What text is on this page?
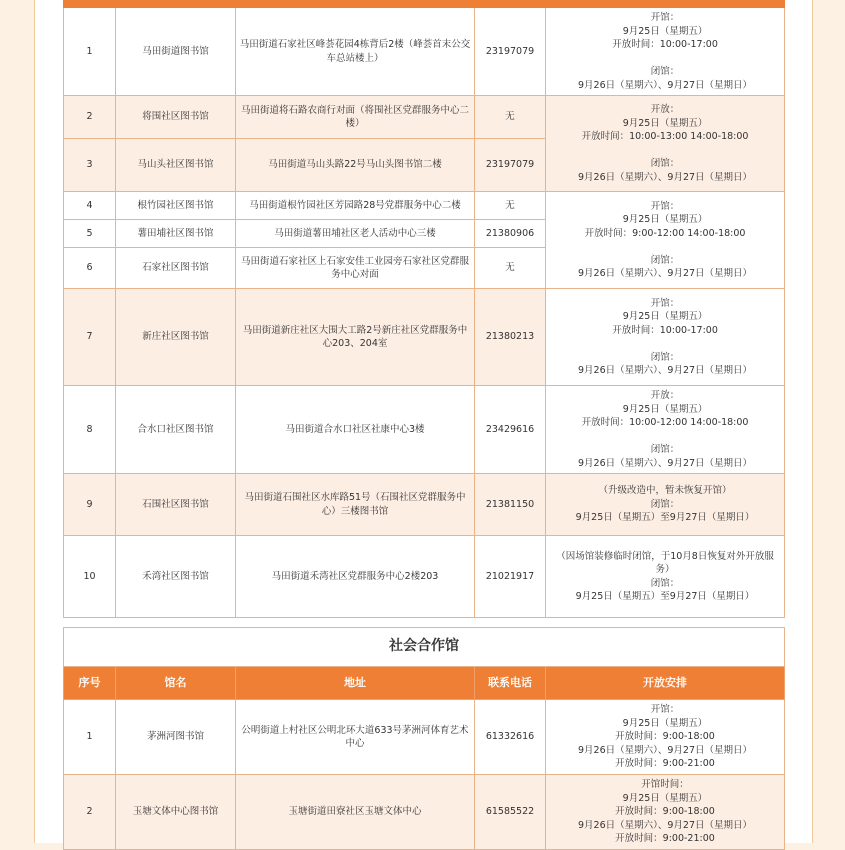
1	马田街道图书馆	马田街道石家社区峰荟花园4栋背后2楼（峰荟首末公交车总站楼上）	23197079	开馆：
9月25日（星期五）
开放时间：10:00-17:00

闭馆：
9月26日（星期六）、9月27日（星期日）
2	将围社区图书馆	马田街道将石路农商行对面（将围社区党群服务中心二楼）	无	开放：
9月25日（星期五）
开放时间：10:00-13:00 14:00-18:00

闭馆：
9月26日（星期六）、9月27日（星期日）
3	马山头社区图书馆	马田街道马山头路22号马山头图书馆二楼	23197079	
4	根竹园社区图书馆	马田街道根竹园社区芳园路28号党群服务中心二楼	无	开馆：
9月25日（星期五）
开放时间：9:00-12:00 14:00-18:00

闭馆：
9月26日（星期六）、9月27日（星期日）
5	薯田埔社区图书馆	马田街道薯田埔社区老人活动中心三楼	21380906	
6	石家社区图书馆	马田街道石家社区上石家安佳工业园旁石家社区党群服务中心对面	无	
7	新庄社区图书馆	马田街道新庄社区大围大工路2号新庄社区党群服务中心203、204室	21380213	开馆：
9月25日（星期五）
开放时间：10:00-17:00

闭馆：
9月26日（星期六）、9月27日（星期日）
8	合水口社区图书馆	马田街道合水口社区社康中心3楼	23429616	开放：
9月25日（星期五）
开放时间：10:00-12:00 14:00-18:00

闭馆：
9月26日（星期六）、9月27日（星期日）
9	石围社区图书馆	马田街道石围社区水库路51号（石围社区党群服务中心）三楼图书馆	21381150	（升级改造中，暂未恢复开馆）
闭馆：
9月25日（星期五）至9月27日（星期日）
10	禾湾社区图书馆	马田街道禾湾社区党群服务中心2楼203	21021917	（因场馆装修临时闭馆，于10月8日恢复对外开放服务）
闭馆：
9月25日（星期五）至9月27日（星期日）
社会合作馆				
序号	馆名	地址	联系电话	开放安排
1	茅洲河图书馆	公明街道上村社区公明北环大道633号茅洲河体育艺术中心	61332616	开馆：
9月25日（星期五）
开放时间：9:00-18:00
9月26日（星期六）、9月27日（星期日）
开放时间：9:00-21:00
2	玉塘文体中心图书馆	玉塘街道田寮社区玉塘文体中心	61585522	开馆时间：
9月25日（星期五）
开放时间：9:00-18:00
9月26日（星期六）、9月27日（星期日）
开放时间：9:00-21:00
